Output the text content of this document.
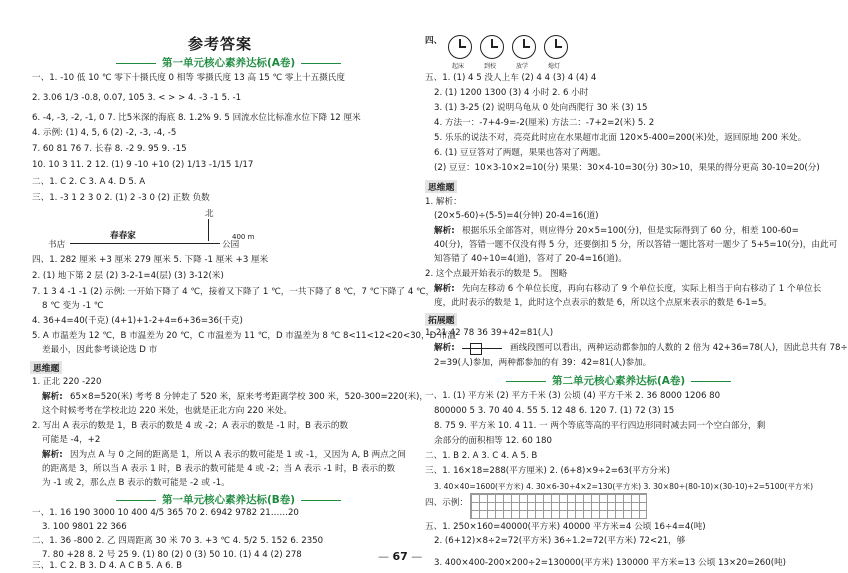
参考答案
第一单元核心素养达标(A卷)
一、1. -10 低 10 ℃ 零下十摄氏度 0 相等 零摄氏度 13 高 15 ℃ 零上十五摄氏度
2. 3.06 1/3 -0.8, 0.07, 105 3. < > > 4. -3 -1 5. -1
6. -4, -3, -2, -1, 0 7. 比5米深的海底 8. 1.2% 9. 5 回流水位比标准水位下降 12 厘米
4. 示例: (1) 4, 5, 6 (2) -2, -3, -4, -5
7. 60 81 76 7. 长春 8. -2 9. 95 9. -15
10. 10 3 11. 2 12. (1) 9 -10 +10 (2) 1/13 -1/15 1/17
二、1. C 2. C 3. A 4. D 5. A
三、1. -3 1 2 3 0 2. (1) 2 -3 0 (2) 正数 负数
北
400 m
书店
春春家
公园
四、1. 282 厘米 +3 厘米 279 厘米 5. 下降 -1 厘米 +3 厘米
2. (1) 地下第 2 层 (2) 3-2-1=4(层) (3) 3-12(米)
7. 1 3 4 -1 -1 (2) 示例: 一开始下降了 4 ℃，接着又下降了 1 ℃，一共下降了 8 ℃，7 ℃下降了 4 ℃，
8 ℃ 变为 -1 ℃
4. 36+4=40(千克) (4+1)+1-2+4=6+36=36(千克)
5. A 市温差为 12 ℃，B 市温差为 20 ℃，C 市温差为 11 ℃，D 市温差为 8 ℃ 8<11<12<20<30，D 市温
差最小，因此参考谈论选 D 市
思维题
1. 正北 220 -220
解析: 65×8=520(米) 考考 8 分钟走了 520 米，原来考考距离学校 300 米，520-300=220(米)，
这个时候考考在学校北边 220 米处，也就是正北方向 220 米处。
2. 写出 A 表示的数是 1，B 表示的数是 4 或 -2；A 表示的数是 -1 时，B 表示的数
可能是 -4，+2
解析: 因为点 A 与 0 之间的距离是 1，所以 A 表示的数可能是 1 或 -1，又因为 A, B 两点之间
的距离是 3，所以当 A 表示 1 时，B 表示的数可能是 4 或 -2；当 A 表示 -1 时，B 表示的数
为 -1 或 2，那么点 B 表示的数可能是 -2 或 -1。
第一单元核心素养达标(B卷)
一、1. 16 190 3000 10 400 4/5 365 70 2. 6942 9782 21……20
3. 100 9801 22 366
二、1. 36 -800 2. 乙 四周距离 30 米 70 3. +3 ℃ 4. 5/2 5. 152 6. 2350
7. 80 +28 8. 2 号 25 9. (1) 80 (2) 0 (3) 50 10. (1) 4 4 (2) 278
三、1. C 2. B 3. D 4. A C B 5. A 6. B
四、
起床	到校	放学	熄灯
五、1. (1) 4 5 没人上车 (2) 4 4 (3) 4 (4) 4
2. (1) 1200 1300 (3) 4 小时 2. 6 小时
3. (1) 3-25 (2) 说明乌龟从 0 处向西爬行 30 米 (3) 15
4. 方法一：-7+4-9=-2(厘米) 方法二：-7+2=2(米) 5. 2
5. 乐乐的说法不对，亮亮此时应在水果超市北面 120×5-400=200(米)处，返回原地 200 米处。
6. (1) 豆豆答对了两题，果果也答对了两题。
(2) 豆豆：10×3-10×2=10(分) 果果：30×4-10=30(分) 30>10，果果的得分更高 30-10=20(分)
思维题
1. 解析：
(20×5-60)÷(5-5)=4(分钟) 20-4=16(道)
解析: 根据乐乐全部答对，则应得分 20×5=100(分)，但是实际得到了 60 分，相差 100-60=
40(分)，答错一题不仅没有得 5 分，还要倒扣 5 分，所以答错一题比答对一题少了 5+5=10(分)，由此可
知答错了 40÷10=4(道)，答对了 20-4=16(道)。
2. 这个点最开始表示的数是 5。 图略
解析: 先向左移动 6 个单位长度，再向右移动了 9 个单位长度，实际上相当于向右移动了 1 个单位长
度，此时表示的数是 1，此时这个点表示的数是 6，所以这个点原来表示的数是 6-1=5。
拓展题
1. 21 42 78 36 39+42=81(人)
解析:	画线段图可以看出，两种运动都参加的人数的 2 倍为 42+36=78(人)，因此总共有 78÷
2=39(人)参加，两种都参加的有 39：42=81(人)参加。
第二单元核心素养达标(A卷)
一、1. (1) 平方米 (2) 平方千米 (3) 公顷 (4) 平方千米 2. 36 8000 1206 80
800000 5 3. 70 40 4. 55 5. 12 48 6. 120 7. (1) 72 (3) 15
8. 75 9. 平方米 10. 4 11. 一 两个等底等高的平行四边形同时减去同一个空白部分，剩
余部分的面积相等 12. 60 180
二、1. B 2. A 3. C 4. A 5. B
三、1. 16×18=288(平方厘米) 2. (6+8)×9÷2=63(平方分米)
3. 40×40=1600(平方米) 4. 30×6-30÷4×2=130(平方米) 3. 30×80÷(80-10)×(30-10)÷2=5100(平方米)
四、示例：
五、1. 250×160=40000(平方米) 40000 平方米=4 公顷 16÷4=4(吨)
2. (6+12)×8÷2=72(平方米) 36÷1.2=72(平方米) 72<21，够
3. 400×400-200×200÷2=130000(平方米) 130000 平方米=13 公顷 13×20=260(吨)
— 67 —
